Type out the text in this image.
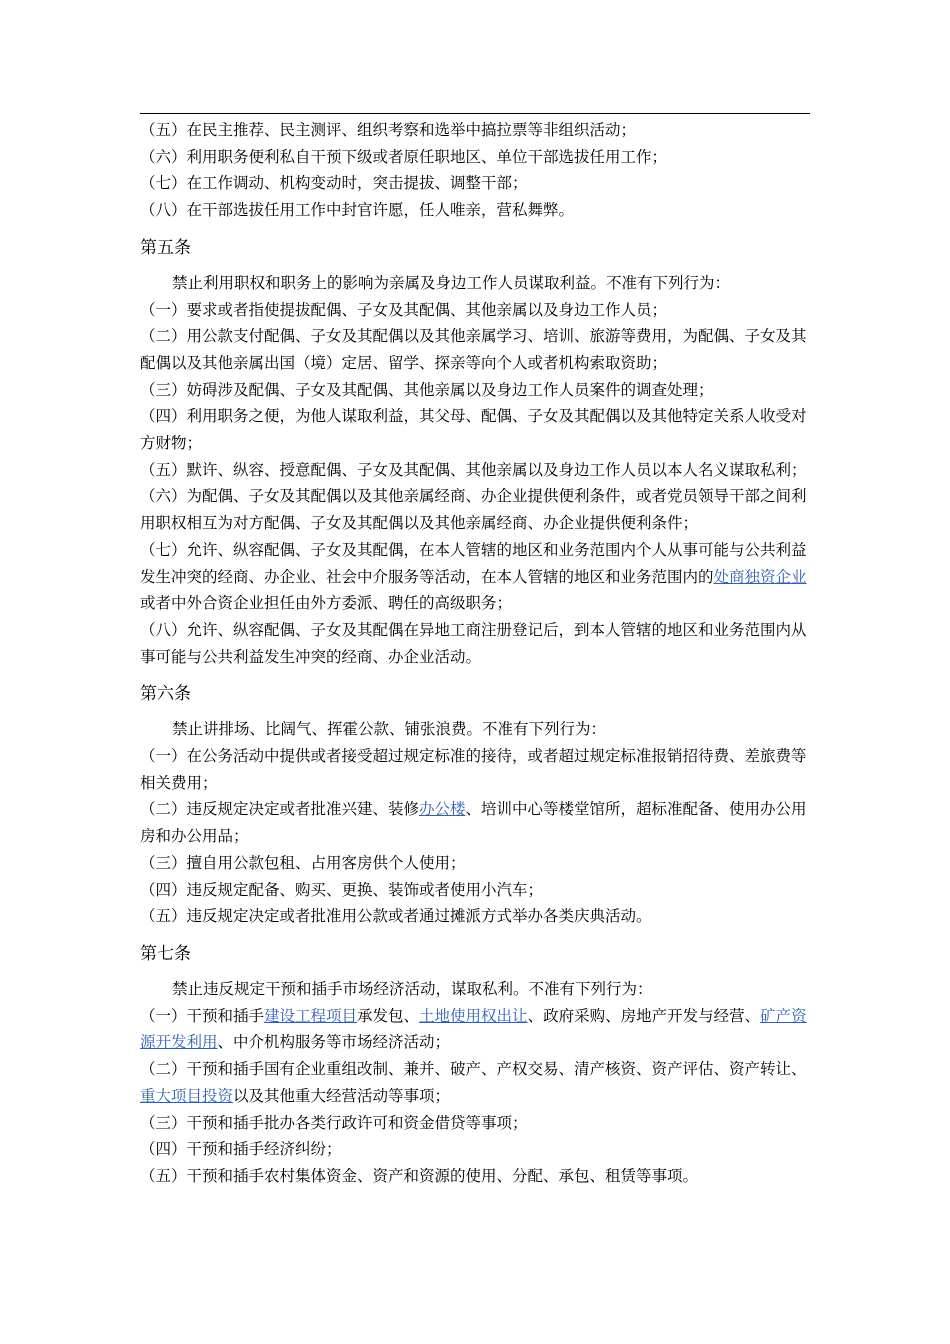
（五）在民主推荐、民主测评、组织考察和选举中搞拉票等非组织活动；

（六）利用职务便利私自干预下级或者原任职地区、单位干部选拔任用工作；

（七）在工作调动、机构变动时，突击提拔、调整干部；

（八）在干部选拔任用工作中封官许愿，任人唯亲，营私舞弊。

第五条

禁止利用职权和职务上的影响为亲属及身边工作人员谋取利益。不准有下列行为：

（一）要求或者指使提拔配偶、子女及其配偶、其他亲属以及身边工作人员；

（二）用公款支付配偶、子女及其配偶以及其他亲属学习、培训、旅游等费用，为配偶、子女及其配偶以及其他亲属出国（境）定居、留学、探亲等向个人或者机构索取资助；

（三）妨碍涉及配偶、子女及其配偶、其他亲属以及身边工作人员案件的调查处理；

（四）利用职务之便，为他人谋取利益，其父母、配偶、子女及其配偶以及其他特定关系人收受对方财物；

（五）默许、纵容、授意配偶、子女及其配偶、其他亲属以及身边工作人员以本人名义谋取私利；

（六）为配偶、子女及其配偶以及其他亲属经商、办企业提供便利条件，或者党员领导干部之间利用职权相互为对方配偶、子女及其配偶以及其他亲属经商、办企业提供便利条件；

（七）允许、纵容配偶、子女及其配偶，在本人管辖的地区和业务范围内个人从事可能与公共利益发生冲突的经商、办企业、社会中介服务等活动，在本人管辖的地区和业务范围内的处商独资企业或者中外合资企业担任由外方委派、聘任的高级职务；

（八）允许、纵容配偶、子女及其配偶在异地工商注册登记后，到本人管辖的地区和业务范围内从事可能与公共利益发生冲突的经商、办企业活动。

第六条

禁止讲排场、比阔气、挥霍公款、铺张浪费。不准有下列行为：

（一）在公务活动中提供或者接受超过规定标准的接待，或者超过规定标准报销招待费、差旅费等相关费用；

（二）违反规定决定或者批准兴建、装修办公楼、培训中心等楼堂馆所，超标准配备、使用办公用房和办公用品；

（三）擅自用公款包租、占用客房供个人使用；

（四）违反规定配备、购买、更换、装饰或者使用小汽车；

（五）违反规定决定或者批准用公款或者通过摊派方式举办各类庆典活动。

第七条

禁止违反规定干预和插手市场经济活动，谋取私利。不准有下列行为：

（一）干预和插手建设工程项目承发包、土地使用权出让、政府采购、房地产开发与经营、矿产资源开发利用、中介机构服务等市场经济活动；

（二）干预和插手国有企业重组改制、兼并、破产、产权交易、清产核资、资产评估、资产转让、重大项目投资以及其他重大经营活动等事项；

（三）干预和插手批办各类行政许可和资金借贷等事项；

（四）干预和插手经济纠纷；

（五）干预和插手农村集体资金、资产和资源的使用、分配、承包、租赁等事项。
